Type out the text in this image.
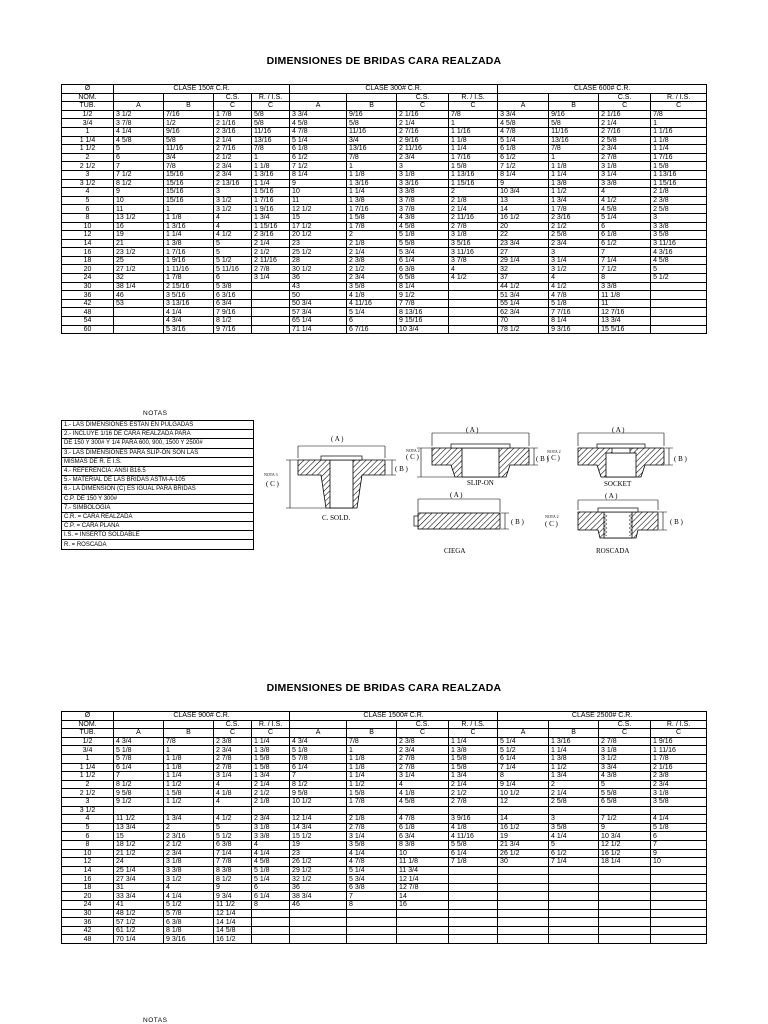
DIMENSIONES DE BRIDAS CARA REALZADA
Ø	CLASE 150# C.R.				CLASE 300# C.R.				CLASE 600# C.R.			
NOM.			C.S.	R. / I.S.			C.S.	R. / I.S.			C.S.	R. / I.S.
TUB.	A	B	C	C	A	B	C	C	A	B	C	C
1/2	3 1/2	7/16	1 7/8	5/8	3 3/4	9/16	2 1/16	7/8	3 3/4	9/16	2 1/16	7/8
3/4	3 7/8	1/2	2 1/16	5/8	4 5/8	5/8	2 1/4	1	4 5/8	5/8	2 1/4	1
1	4 1/4	9/16	2 3/16	11/16	4 7/8	11/16	2 7/16	1 1/16	4 7/8	11/16	2 7/16	1 1/16
1 1/4	4 5/8	5/8	2 1/4	13/16	5 1/4	3/4	2 9/16	1 1/8	5 1/4	13/16	2 5/8	1 1/8
1 1/2	5	11/16	2 7/16	7/8	6 1/8	13/16	2 11/16	1 1/4	6 1/8	7/8	2 3/4	1 1/4
2	6	3/4	2 1/2	1	6 1/2	7/8	2 3/4	1 7/16	6 1/2	1	2 7/8	1 7/16
2 1/2	7	7/8	2 3/4	1 1/8	7 1/2	1	3	1 5/8	7 1/2	1 1/8	3 1/8	1 5/8
3	7 1/2	15/16	2 3/4	1 3/16	8 1/4	1 1/8	3 1/8	1 13/16	8 1/4	1 1/4	3 1/4	1 13/16
3 1/2	8 1/2	15/16	2 13/16	1 1/4	9	1 3/16	3 3/16	1 15/16	9	1 3/8	3 3/8	1 15/16
4	9	15/16	3	1 5/16	10	1 1/4	3 3/8	2	10 3/4	1 1/2	4	2 1/8
5	10	15/16	3 1/2	1 7/16	11	1 3/8	3 7/8	2 1/8	13	1 3/4	4 1/2	2 3/8
6	11	1	3 1/2	1 9/16	12 1/2	1 7/16	3 7/8	2 1/4	14	1 7/8	4 5/8	2 5/8
8	13 1/2	1 1/8	4	1 3/4	15	1 5/8	4 3/8	2 11/16	16 1/2	2 3/16	5 1/4	3
10	16	1 3/16	4	1 15/16	17 1/2	1 7/8	4 5/8	2 7/8	20	2 1/2	6	3 3/8
12	19	1 1/4	4 1/2	2 3/16	20 1/2	2	5 1/8	3 1/8	22	2 5/8	6 1/8	3 5/8
14	21	1 3/8	5	2 1/4	23	2 1/8	5 5/8	3 5/16	23 3/4	2 3/4	6 1/2	3 11/16
16	23 1/2	1 7/16	5	2 1/2	25 1/2	2 1/4	5 3/4	3 11/16	27	3	7	4 3/16
18	25	1 9/16	5 1/2	2 11/16	28	2 3/8	6 1/4	3 7/8	29 1/4	3 1/4	7 1/4	4 5/8
20	27 1/2	1 11/16	5 11/16	2 7/8	30 1/2	2 1/2	6 3/8	4	32	3 1/2	7 1/2	5
24	32	1 7/8	6	3 1/4	36	2 3/4	6 5/8	4 1/2	37	4	8	5 1/2
30	38 1/4	2 15/16	5 3/8		43	3 5/8	8 1/4		44 1/2	4 1/2	3 3/8	
36	46	3 5/16	6 3/16		50	4 1/8	9 1/2		51 3/4	4 7/8	11 1/8	
42	53	3 13/16	6 3/4		50 3/4	4 11/16	7 7/8		55 1/4	5 1/8	11	
48		4 1/4	7 9/16		57 3/4	5 1/4	8 13/16		62 3/4	7 7/16	12 7/16	
54		4 3/4	8 1/2		65 1/4	6	9 15/16		70	8 1/4	13 3/4	
60		5 3/16	9 7/16		71 1/4	6 7/16	10 3/4		78 1/2	9 3/16	15 5/16	
NOTAS
1.- LAS DIMENSIONES ESTAN EN PULGADAS
2.- INCLUYE 1/16 DE CARA REALZADA PARA
DE 150 Y 300# Y 1/4 PARA 600, 900, 1500 Y 2500#
3.- LAS DIMENSIONES PARA SLIP-ON SON LAS
MISMAS DE R. E I.S.
4.- REFERENCIA: ANSI B16.5
5.- MATERIAL DE LAS BRIDAS ASTM-A-105
6.- LA DIMENSION (C) ES IGUAL PARA BRIDAS
C.P. DE 150 Y 300#
7.- SIMBOLOGIA
C.R. = CARA REALZADA
C.P. = CARA PLANA
I.S. = INSERTO SOLDABLE
R. = ROSCADA
( A )
( C )
NOTA 3
( B )
C. SOLD.
( A )
( C )
NOTA 2
( B )
SLIP-ON
( A )
( C )
NOTA 2
( B )
SOCKET
( A )
( B )
CIEGA
( A )
( C )
NOTA 2
( B )
ROSCADA
DIMENSIONES DE BRIDAS CARA REALZADA
Ø	CLASE 900# C.R.				CLASE 1500# C.R.				CLASE 2500# C.R.			
NOM.			C.S.	R. / I.S.			C.S.	R. / I.S.			C.S.	R. / I.S.
TUB.	A	B	C	C	A	B	C	C	A	B	C	C
1/2	4 3/4	7/8	2 3/8	1 1/4	4 3/4	7/8	2 3/8	1 1/4	5 1/4	1 3/16	2 7/8	1 9/16
3/4	5 1/8	1	2 3/4	1 3/8	5 1/8	1	2 3/4	1 3/8	5 1/2	1 1/4	3 1/8	1 11/16
1	5 7/8	1 1/8	2 7/8	1 5/8	5 7/8	1 1/8	2 7/8	1 5/8	6 1/4	1 3/8	3 1/2	1 7/8
1 1/4	6 1/4	1 1/8	2 7/8	1 5/8	6 1/4	1 1/8	2 7/8	1 5/8	7 1/4	1 1/2	3 3/4	2 1/16
1 1/2	7	1 1/4	3 1/4	1 3/4	7	1 1/4	3 1/4	1 3/4	8	1 3/4	4 3/8	2 3/8
2	8 1/2	1 1/2	4	2 1/4	8 1/2	1 1/2	4	2 1/4	9 1/4	2	5	2 3/4
2 1/2	9 5/8	1 5/8	4 1/8	2 1/2	9 5/8	1 5/8	4 1/8	2 1/2	10 1/2	2 1/4	5 5/8	3 1/8
3	9 1/2	1 1/2	4	2 1/8	10 1/2	1 7/8	4 5/8	2 7/8	12	2 5/8	6 5/8	3 5/8
3 1/2												
4	11 1/2	1 3/4	4 1/2	2 3/4	12 1/4	2 1/8	4 7/8	3 9/16	14	3	7 1/2	4 1/4
5	13 3/4	2	5	3 1/8	14 3/4	2 7/8	6 1/8	4 1/8	16 1/2	3 5/8	9	5 1/8
6	15	2 3/16	5 1/2	3 3/8	15 1/2	3 1/4	6 3/4	4 11/16	19	4 1/4	10 3/4	6
8	18 1/2	2 1/2	6 3/8	4	19	3 5/8	8 3/8	5 5/8	21 3/4	5	12 1/2	7
10	21 1/2	2 3/4	7 1/4	4 1/4	23	4 1/4	10	6 1/4	26 1/2	6 1/2	16 1/2	9
12	24	3 1/8	7 7/8	4 5/8	26 1/2	4 7/8	11 1/8	7 1/8	30	7 1/4	18 1/4	10
14	25 1/4	3 3/8	8 3/8	5 1/8	29 1/2	5 1/4	11 3/4					
16	27 3/4	3 1/2	8 1/2	5 1/4	32 1/2	5 3/4	12 1/4					
18	31	4	9	6	36	6 3/8	12 7/8					
20	33 3/4	4 1/4	9 3/4	6 1/4	38 3/4	7	14					
24	41	5 1/2	11 1/2	8	46	8	16					
30	48 1/2	5 7/8	12 1/4									
36	57 1/2	6 3/8	14 1/4									
42	61 1/2	8 1/8	14 5/8									
48	70 1/4	9 3/16	16 1/2									
NOTAS
